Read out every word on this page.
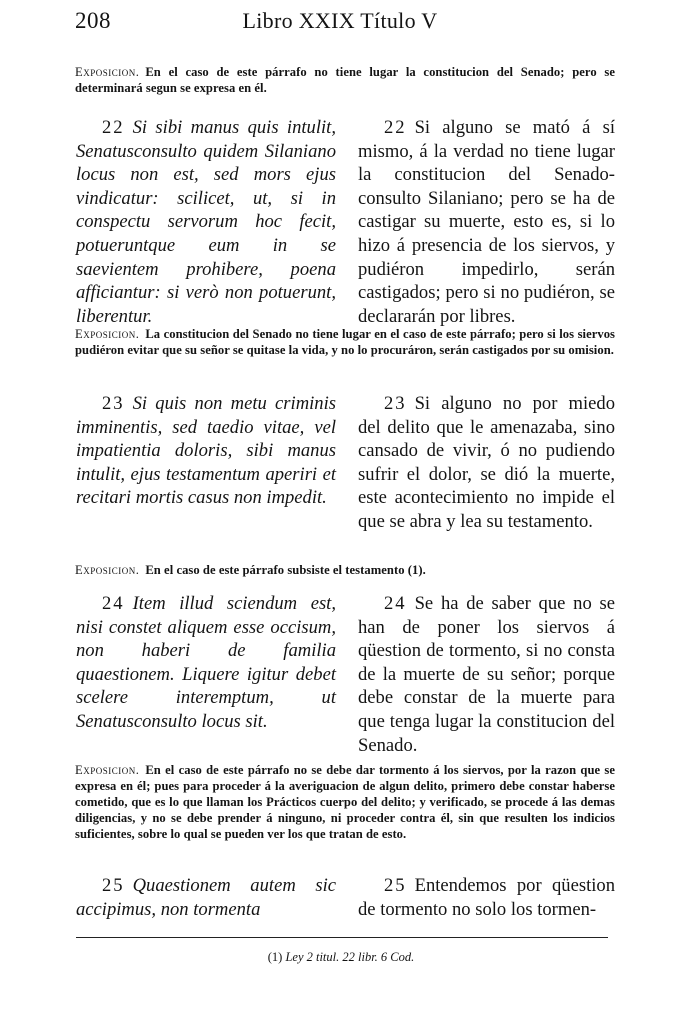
208	Libro XXIX Título V
Exposicion. En el caso de este párrafo no tiene lugar la constitucion del Senado; pero se determinará segun se expresa en él.
22 Si sibi manus quis intulit, Senatusconsulto quidem Silaniano locus non est, sed mors ejus vindicatur: scilicet, ut, si in conspectu servorum hoc fecit, potueruntque eum in se saevientem prohibere, poena afficiantur: si verò non potuerunt, liberentur.
22 Si alguno se mató á sí mismo, á la verdad no tiene lugar la constitucion del Senado-consulto Silaniano; pero se ha de castigar su muerte, esto es, si lo hizo á presencia de los siervos, y pudiéron impedirlo, serán castigados; pero si no pudiéron, se declararán por libres.
Exposicion. La constitucion del Senado no tiene lugar en el caso de este párrafo; pero si los siervos pudiéron evitar que su señor se quitase la vida, y no lo procuráron, serán castigados por su omision.
23 Si quis non metu criminis imminentis, sed taedio vitae, vel impatientia doloris, sibi manus intulit, ejus testamentum aperiri et recitari mortis casus non impedit.
23 Si alguno no por miedo del delito que le amenazaba, sino cansado de vivir, ó no pudiendo sufrir el dolor, se dió la muerte, este acontecimiento no impide el que se abra y lea su testamento.
Exposicion. En el caso de este párrafo subsiste el testamento (1).
24 Item illud sciendum est, nisi constet aliquem esse occisum, non haberi de familia quaestionem. Liquere igitur debet scelere interemptum, ut Senatusconsulto locus sit.
24 Se ha de saber que no se han de poner los siervos á qüestion de tormento, si no consta de la muerte de su señor; porque debe constar de la muerte para que tenga lugar la constitucion del Senado.
Exposicion. En el caso de este párrafo no se debe dar tormento á los siervos, por la razon que se expresa en él; pues para proceder á la averiguacion de algun delito, primero debe constar haberse cometido, que es lo que llaman los Prácticos cuerpo del delito; y verificado, se procede á las demas diligencias, y no se debe prender á ninguno, ni proceder contra él, sin que resulten los indicios suficientes, sobre lo qual se pueden ver los que tratan de esto.
25 Quaestionem autem sic accipimus, non tormenta
25 Entendemos por qüestion de tormento no solo los tormen-
(1) Ley 2 titul. 22 libr. 6 Cod.
